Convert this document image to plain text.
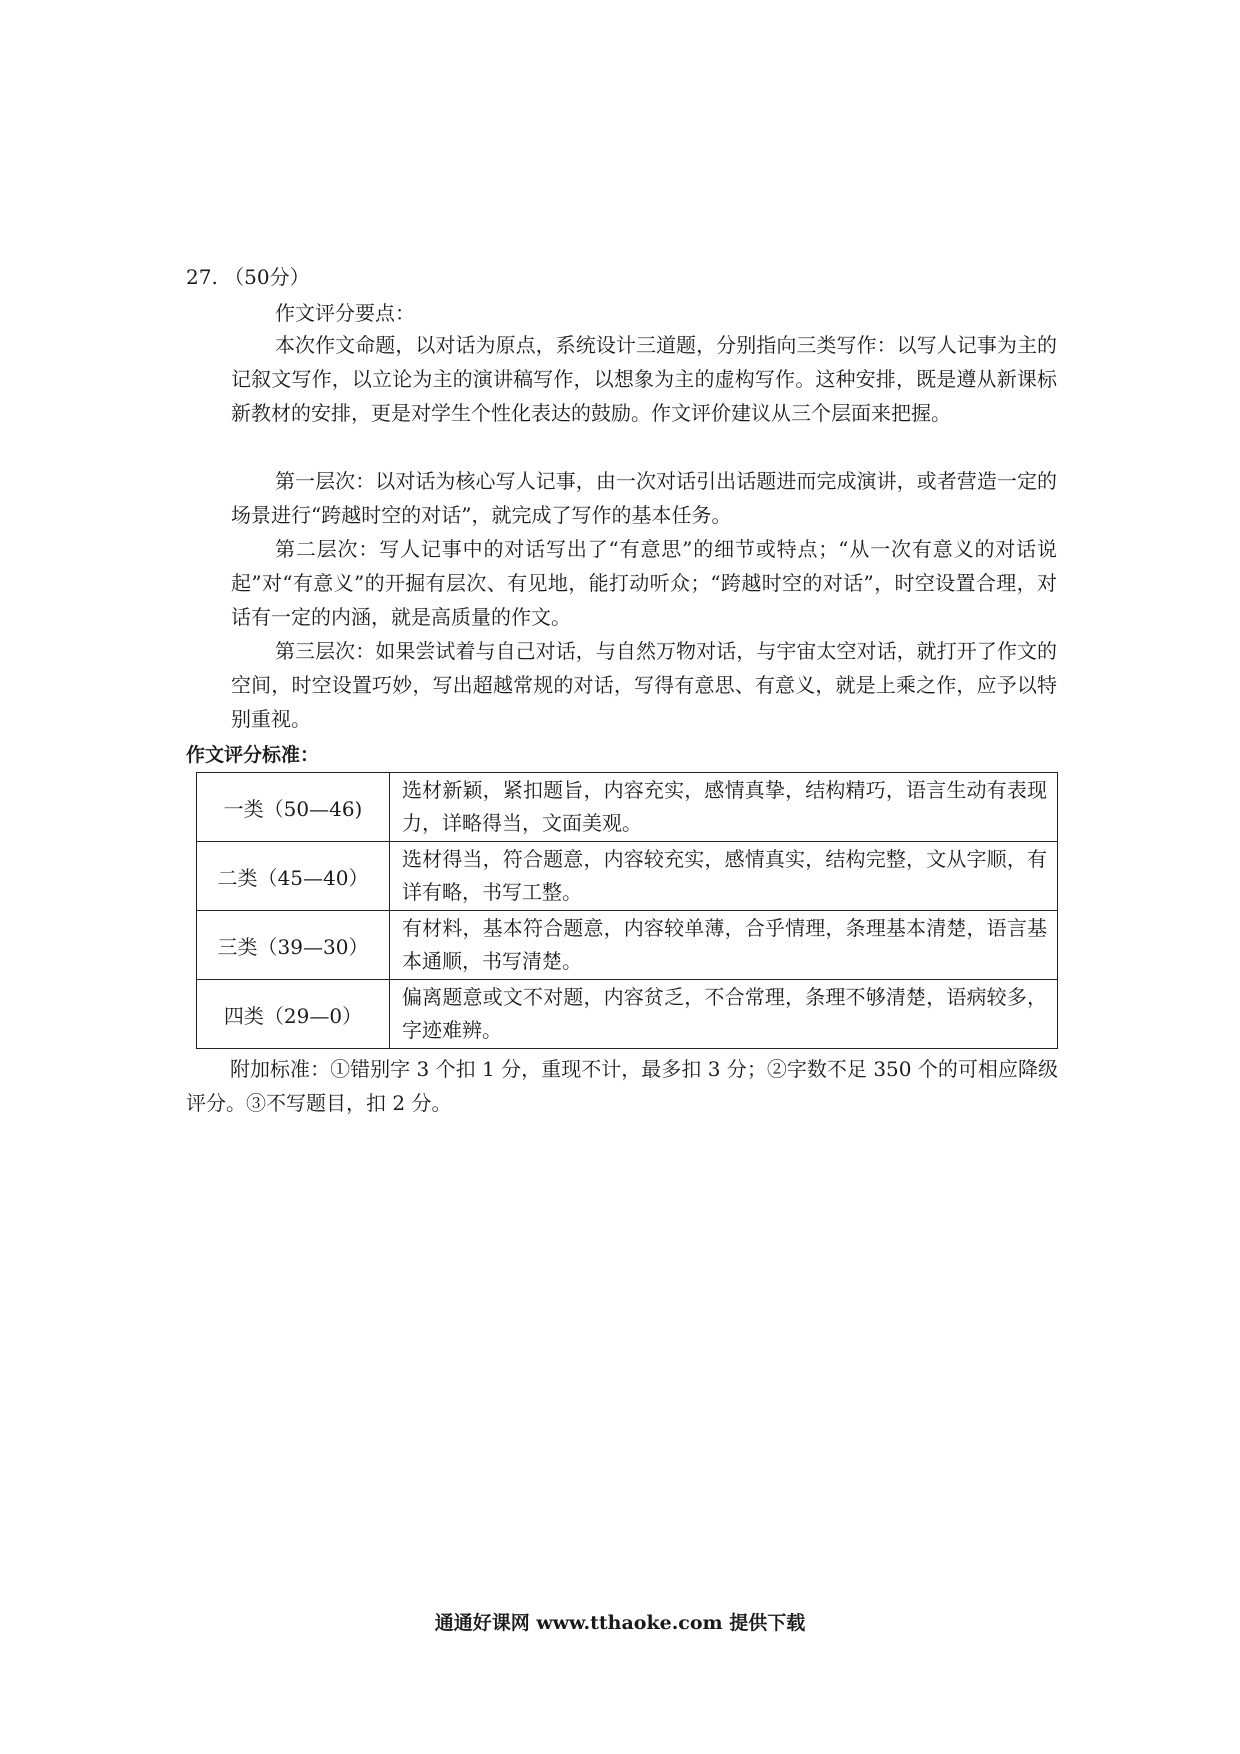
27. （50分）
作文评分要点：

本次作文命题，以对话为原点，系统设计三道题，分别指向三类写作：以写人记事为主的记叙文写作，以立论为主的演讲稿写作，以想象为主的虚构写作。这种安排，既是遵从新课标新教材的安排，更是对学生个性化表达的鼓励。作文评价建议从三个层面来把握。

第一层次：以对话为核心写人记事，由一次对话引出话题进而完成演讲，或者营造一定的场景进行“跨越时空的对话”，就完成了写作的基本任务。

第二层次：写人记事中的对话写出了“有意思”的细节或特点；“从一次有意义的对话说起”对“有意义”的开掘有层次、有见地，能打动听众；“跨越时空的对话”，时空设置合理，对话有一定的内涵，就是高质量的作文。

第三层次：如果尝试着与自己对话，与自然万物对话，与宇宙太空对话，就打开了作文的空间，时空设置巧妙，写出超越常规的对话，写得有意思、有意义，就是上乘之作，应予以特别重视。

作文评分标准：
一类（50—46)	选材新颖，紧扣题旨，内容充实，感情真挚，结构精巧，语言生动有表现力，详略得当，文面美观。
二类（45—40）	选材得当，符合题意，内容较充实，感情真实，结构完整，文从字顺，有详有略，书写工整。
三类（39—30）	有材料，基本符合题意，内容较单薄，合乎情理，条理基本清楚，语言基本通顺，书写清楚。
四类（29—0）	偏离题意或文不对题，内容贫乏，不合常理，条理不够清楚，语病较多，字迹难辨。

附加标准：①错别字 3 个扣 1 分，重现不计，最多扣 3 分；②字数不足 350 个的可相应降级评分。③不写题目，扣 2 分。

通通好课网 www.tthaoke.com 提供下载
